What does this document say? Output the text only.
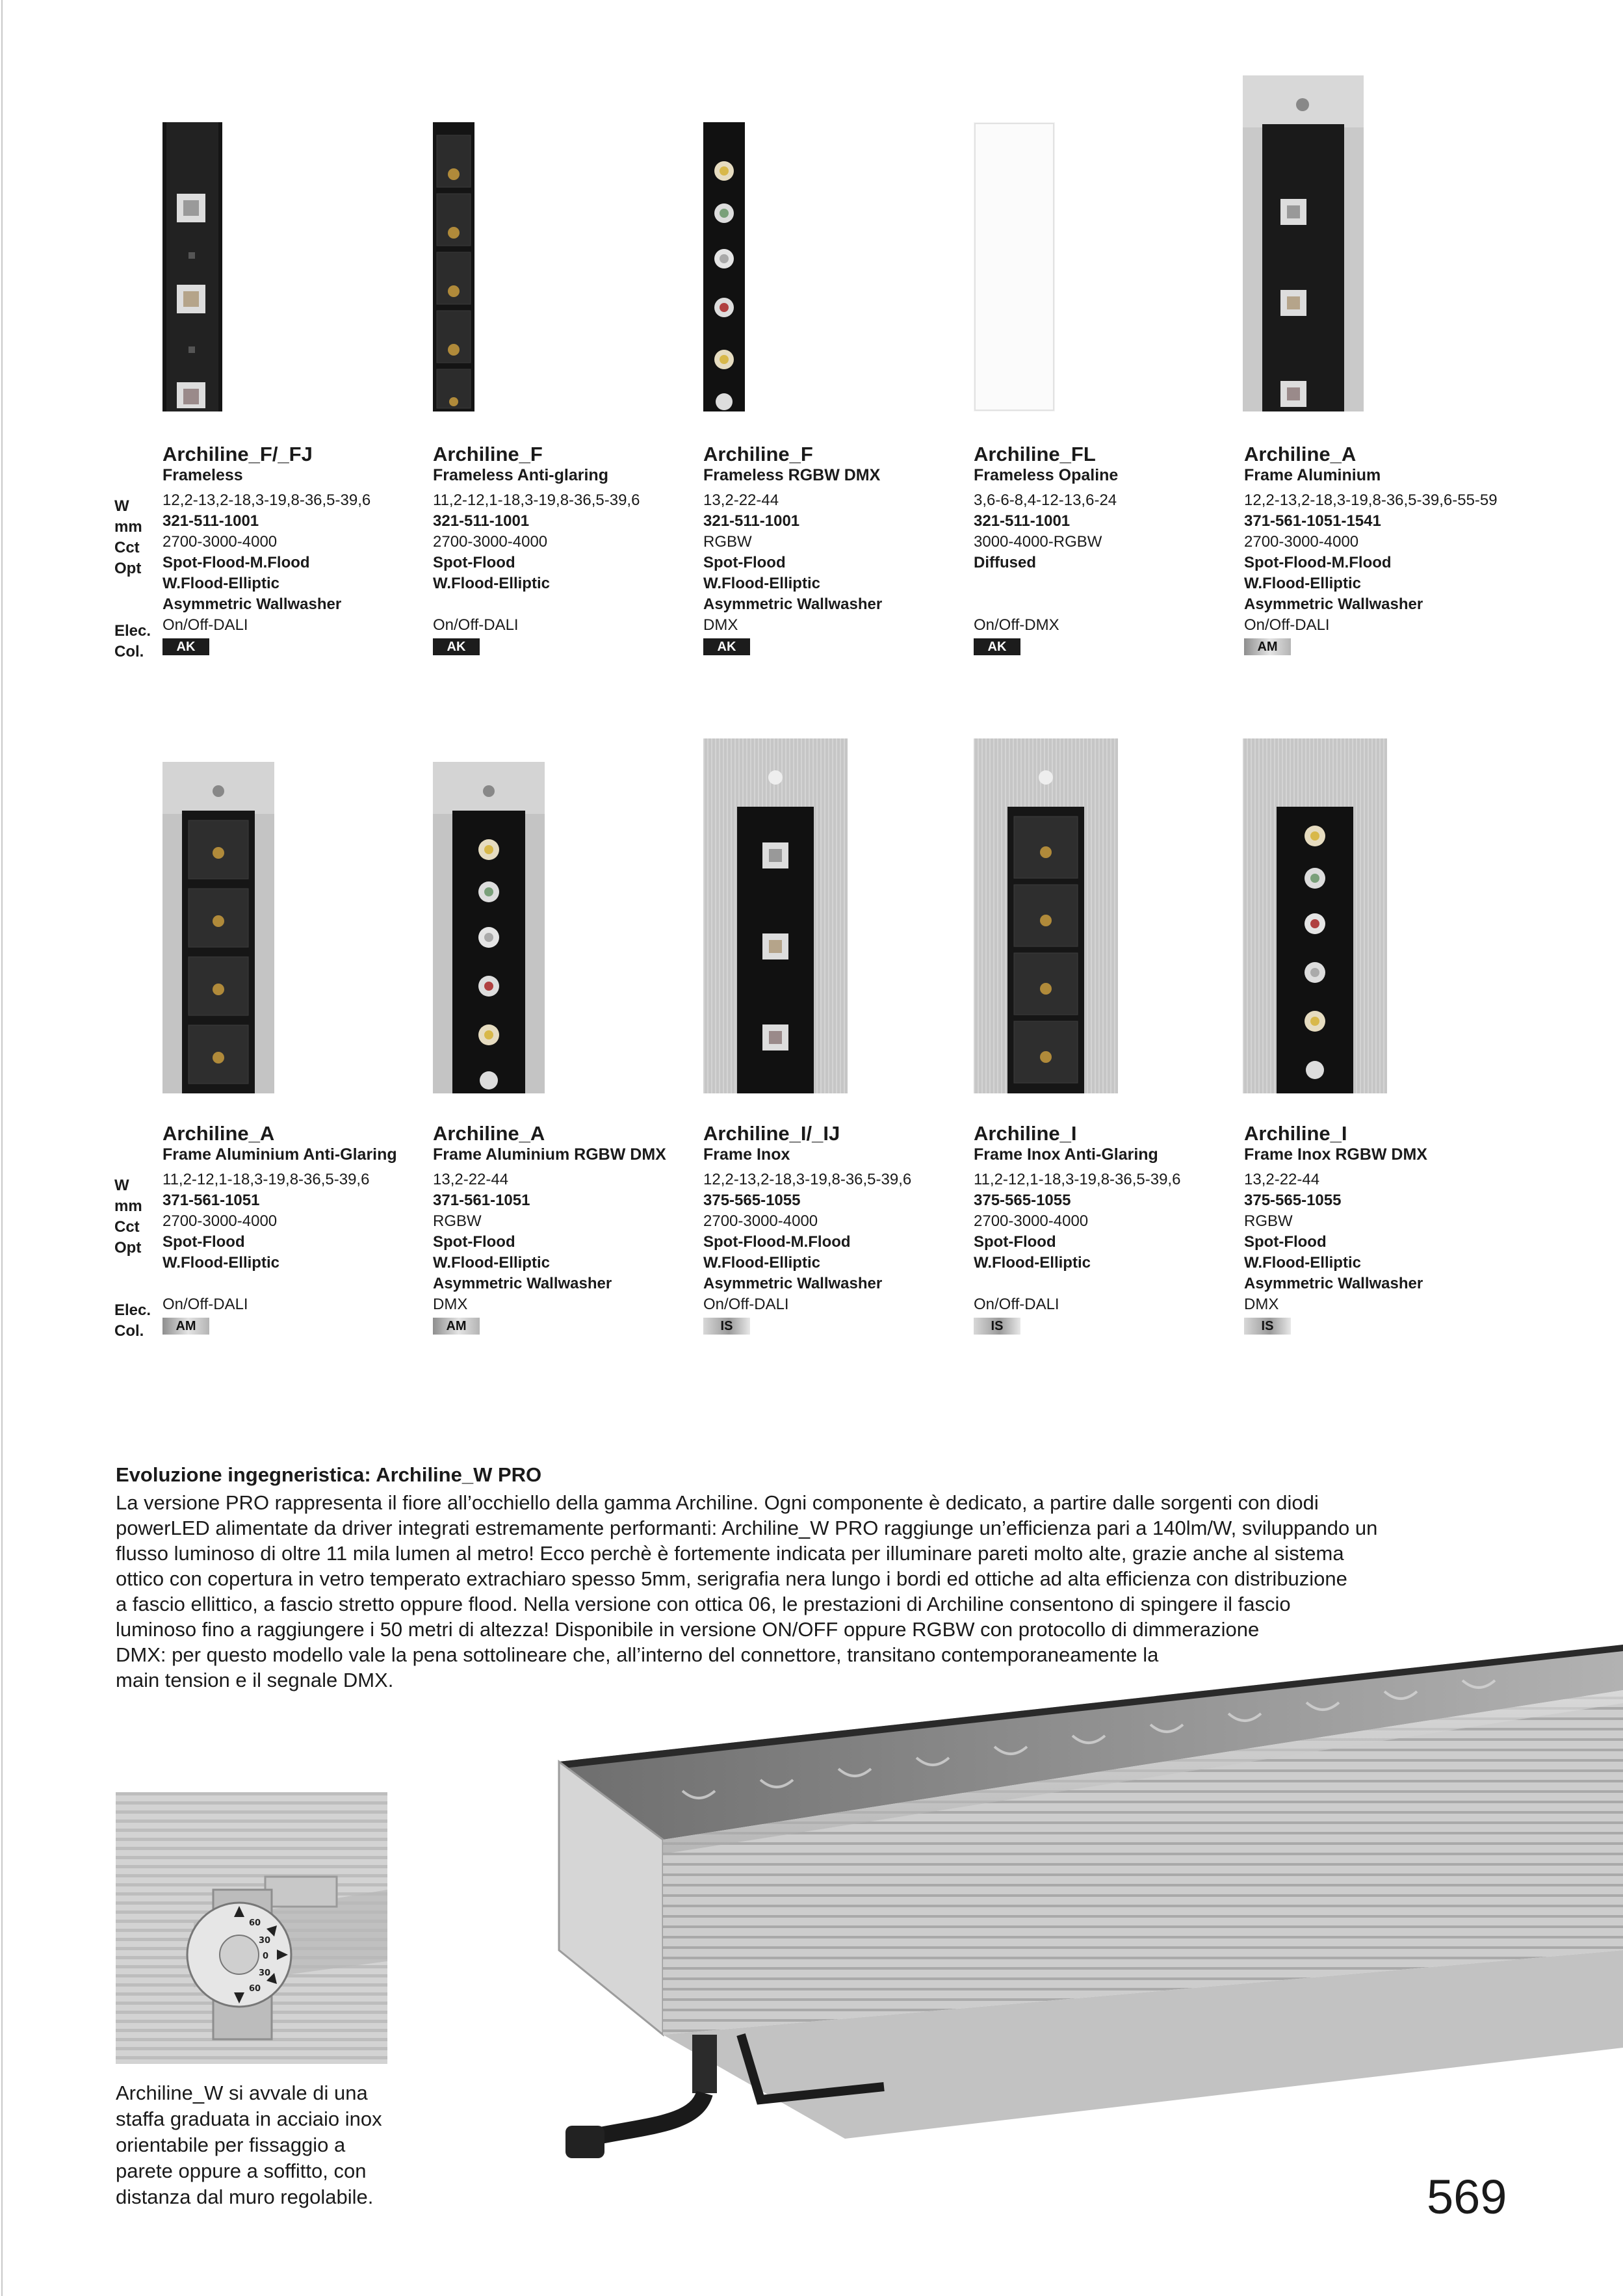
W
mm
Cct
Opt
Elec.
Col.
Archiline_F/_FJ
Frameless
12,2-13,2-18,3-19,8-36,5-39,6
321-511-1001
2700-3000-4000
Spot-Flood-M.Flood
W.Flood-Elliptic
Asymmetric Wallwasher
On/Off-DALI
AK
Archiline_F
Frameless Anti-glaring
11,2-12,1-18,3-19,8-36,5-39,6
321-511-1001
2700-3000-4000
Spot-Flood
W.Flood-Elliptic
On/Off-DALI
AK
Archiline_F
Frameless RGBW DMX
13,2-22-44
321-511-1001
RGBW
Spot-Flood
W.Flood-Elliptic
Asymmetric Wallwasher
DMX
AK
Archiline_FL
Frameless Opaline
3,6-6-8,4-12-13,6-24
321-511-1001
3000-4000-RGBW
Diffused
On/Off-DMX
AK
Archiline_A
Frame Aluminium
12,2-13,2-18,3-19,8-36,5-39,6-55-59
371-561-1051-1541
2700-3000-4000
Spot-Flood-M.Flood
W.Flood-Elliptic
Asymmetric Wallwasher
On/Off-DALI
AM
W
mm
Cct
Opt
Elec.
Col.
Archiline_A
Frame Aluminium Anti-Glaring
11,2-12,1-18,3-19,8-36,5-39,6
371-561-1051
2700-3000-4000
Spot-Flood
W.Flood-Elliptic
On/Off-DALI
AM
Archiline_A
Frame Aluminium RGBW DMX
13,2-22-44
371-561-1051
RGBW
Spot-Flood
W.Flood-Elliptic
Asymmetric Wallwasher
DMX
AM
Archiline_I/_IJ
Frame Inox
12,2-13,2-18,3-19,8-36,5-39,6
375-565-1055
2700-3000-4000
Spot-Flood-M.Flood
W.Flood-Elliptic
Asymmetric Wallwasher
On/Off-DALI
IS
Archiline_I
Frame Inox Anti-Glaring
11,2-12,1-18,3-19,8-36,5-39,6
375-565-1055
2700-3000-4000
Spot-Flood
W.Flood-Elliptic
On/Off-DALI
IS
Archiline_I
Frame Inox RGBW DMX
13,2-22-44
375-565-1055
RGBW
Spot-Flood
W.Flood-Elliptic
Asymmetric Wallwasher
DMX
IS
Evoluzione ingegneristica: Archiline_W PRO

La versione PRO rappresenta il fiore all’occhiello della gamma Archiline. Ogni componente è dedicato, a partire dalle sorgenti con diodi

powerLED alimentate da driver integrati estremamente performanti: Archiline_W PRO raggiunge un’efficienza pari a 140lm/W, sviluppando un

flusso luminoso di oltre 11 mila lumen al metro! Ecco perchè è fortemente indicata per illuminare pareti molto alte, grazie anche al sistema

ottico con copertura in vetro temperato extrachiaro spesso 5mm, serigrafia nera lungo i bordi ed ottiche ad alta efficienza con distribuzione

a fascio ellittico, a fascio stretto oppure flood. Nella versione con ottica 06, le prestazioni di Archiline consentono di spingere il fascio

luminoso fino a raggiungere i 50 metri di altezza! Disponibile in versione ON/OFF oppure RGBW con protocollo di dimmerazione

DMX: per questo modello vale la pena sottolineare che, all’interno del connettore, transitano contemporaneamente la

main tension e il segnale DMX.

60
30
0
30
60
Archiline_W si avvale di una
staffa graduata in acciaio inox
orientabile per fissaggio a
parete oppure a soffitto, con
distanza dal muro regolabile.	569
